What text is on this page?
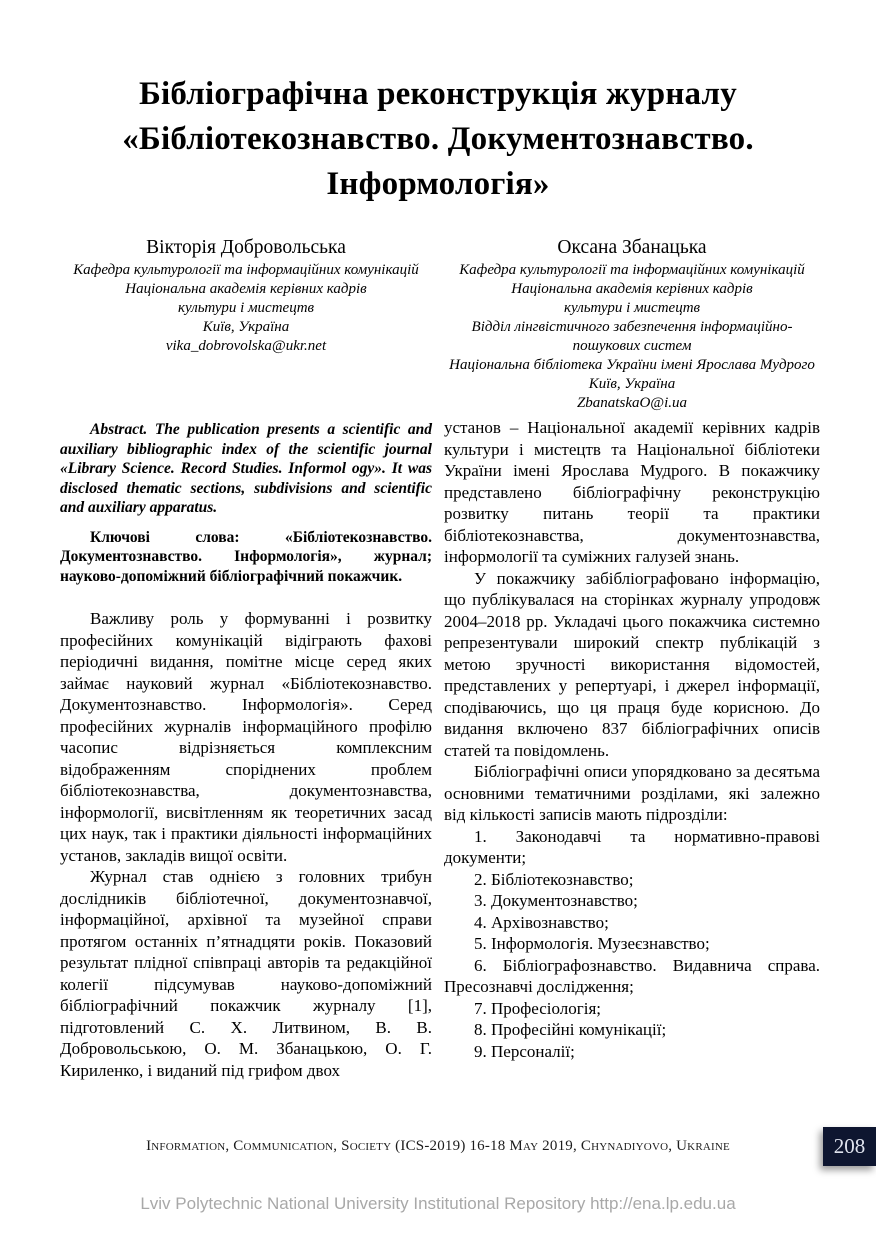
Бібліографічна реконструкція журналу «Бібліотекознавство. Документознавство. Інформологія»

Вікторія Добровольська

Кафедра культурології та інформаційних комунікацій
Національна академія керівних кадрів
культури і мистецтв
Київ, Україна
vika_dobrovolska@ukr.net

Abstract. The publication presents a scientific and auxiliary bibliographic index of the scientific journal «Library Science. Record Studies. Informol ogy». It was disclosed thematic sections, subdivisions and scientific and auxiliary apparatus.

Ключові слова: «Бібліотекознавство. Документознавство. Інформологія», журнал; науково-допоміжний бібліографічний покажчик.

Важливу роль у формуванні і розвитку професійних комунікацій відіграють фахові періодичні видання, помітне місце серед яких займає науковий журнал «Бібліотекознавство. Документознавство. Інформологія». Серед професійних журналів інформаційного профілю часопис відрізняється комплексним відображенням споріднених проблем бібліотекознавства, документознавства, інформології, висвітленням як теоретичних засад цих наук, так і практики діяльності інформаційних установ, закладів вищої освіти.

Журнал став однією з головних трибун дослідників бібліотечної, документознавчої, інформаційної, архівної та музейної справи протягом останніх п’ятнадцяти років. Показовий результат плідної співпраці авторів та редакційної колегії підсумував науково-допоміжний бібліографічний покажчик журналу [1], підготовлений С. Х. Литвином, В. В. Добровольською, О. М. Збанацькою, О. Г. Кириленко, і виданий під грифом двох

Оксана Збанацька

Кафедра культурології та інформаційних комунікацій
Національна академія керівних кадрів
культури і мистецтв
Відділ лінгвістичного забезпечення інформаційно-пошукових систем
Національна бібліотека України імені Ярослава Мудрого
Київ, Україна
ZbanatskaO@i.ua

установ – Національної академії керівних кадрів культури і мистецтв та Національної бібліотеки України імені Ярослава Мудрого. В покажчику представлено бібліографічну реконструкцію розвитку питань теорії та практики бібліотекознавства, документознавства, інформології та суміжних галузей знань.

У покажчику забібліографовано інформацію, що публікувалася на сторінках журналу упродовж 2004–2018 рр. Укладачі цього покажчика системно репрезентували широкий спектр публікацій з метою зручності використання відомостей, представлених у репертуарі, і джерел інформації, сподіваючись, що ця праця буде корисною. До видання включено 837 бібліографічних описів статей та повідомлень.

Бібліографічні описи упорядковано за десятьма основними тематичними розділами, які залежно від кількості записів мають підрозділи:

1. Законодавчі та нормативно-правові документи;

2. Бібліотекознавство;

3. Документознавство;

4. Архівознавство;

5. Інформологія. Музеєзнавство;

6. Бібліографознавство. Видавнича справа. Пресознавчі дослідження;

7. Професіологія;

8. Професійні комунікації;

9. Персоналії;

Information, Communication, Society (ICS-2019) 16-18 May 2019, Chynadiyovo, Ukraine	208
Lviv Polytechnic National University Institutional Repository http://ena.lp.edu.ua
